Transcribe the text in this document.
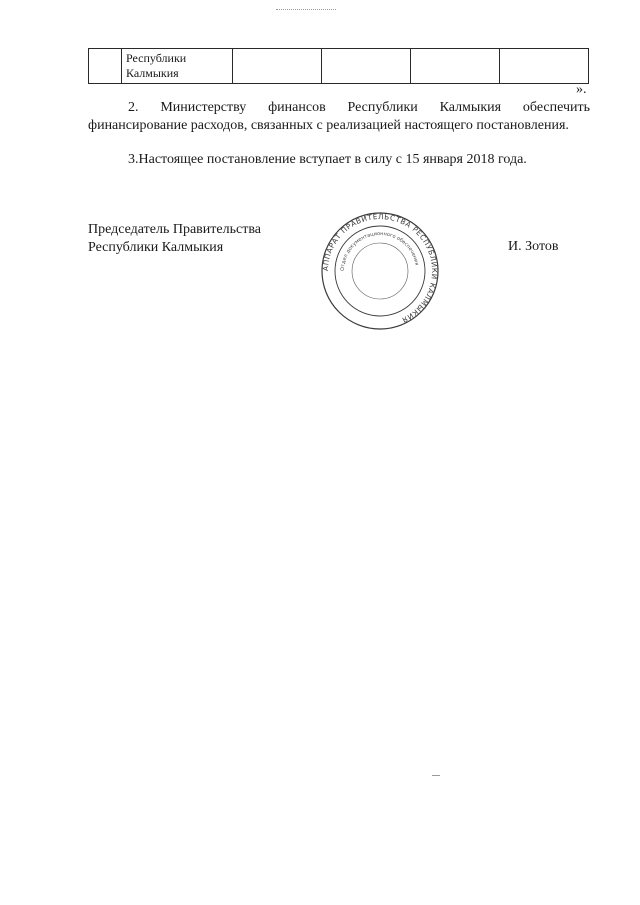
	Республики Калмыкия				
».

2. Министерству финансов Республики Калмыкия обеспечить финансирование расходов, связанных с реализацией настоящего постановления.

3.Настоящее постановление вступает в силу с 15 января 2018 года.

Председатель Правительства
Республики Калмыкия
АППАРАТ ПРАВИТЕЛЬСТВА РЕСПУБЛИКИ КАЛМЫКИЯ
Отдел документационного обеспечения
И. Зотов
